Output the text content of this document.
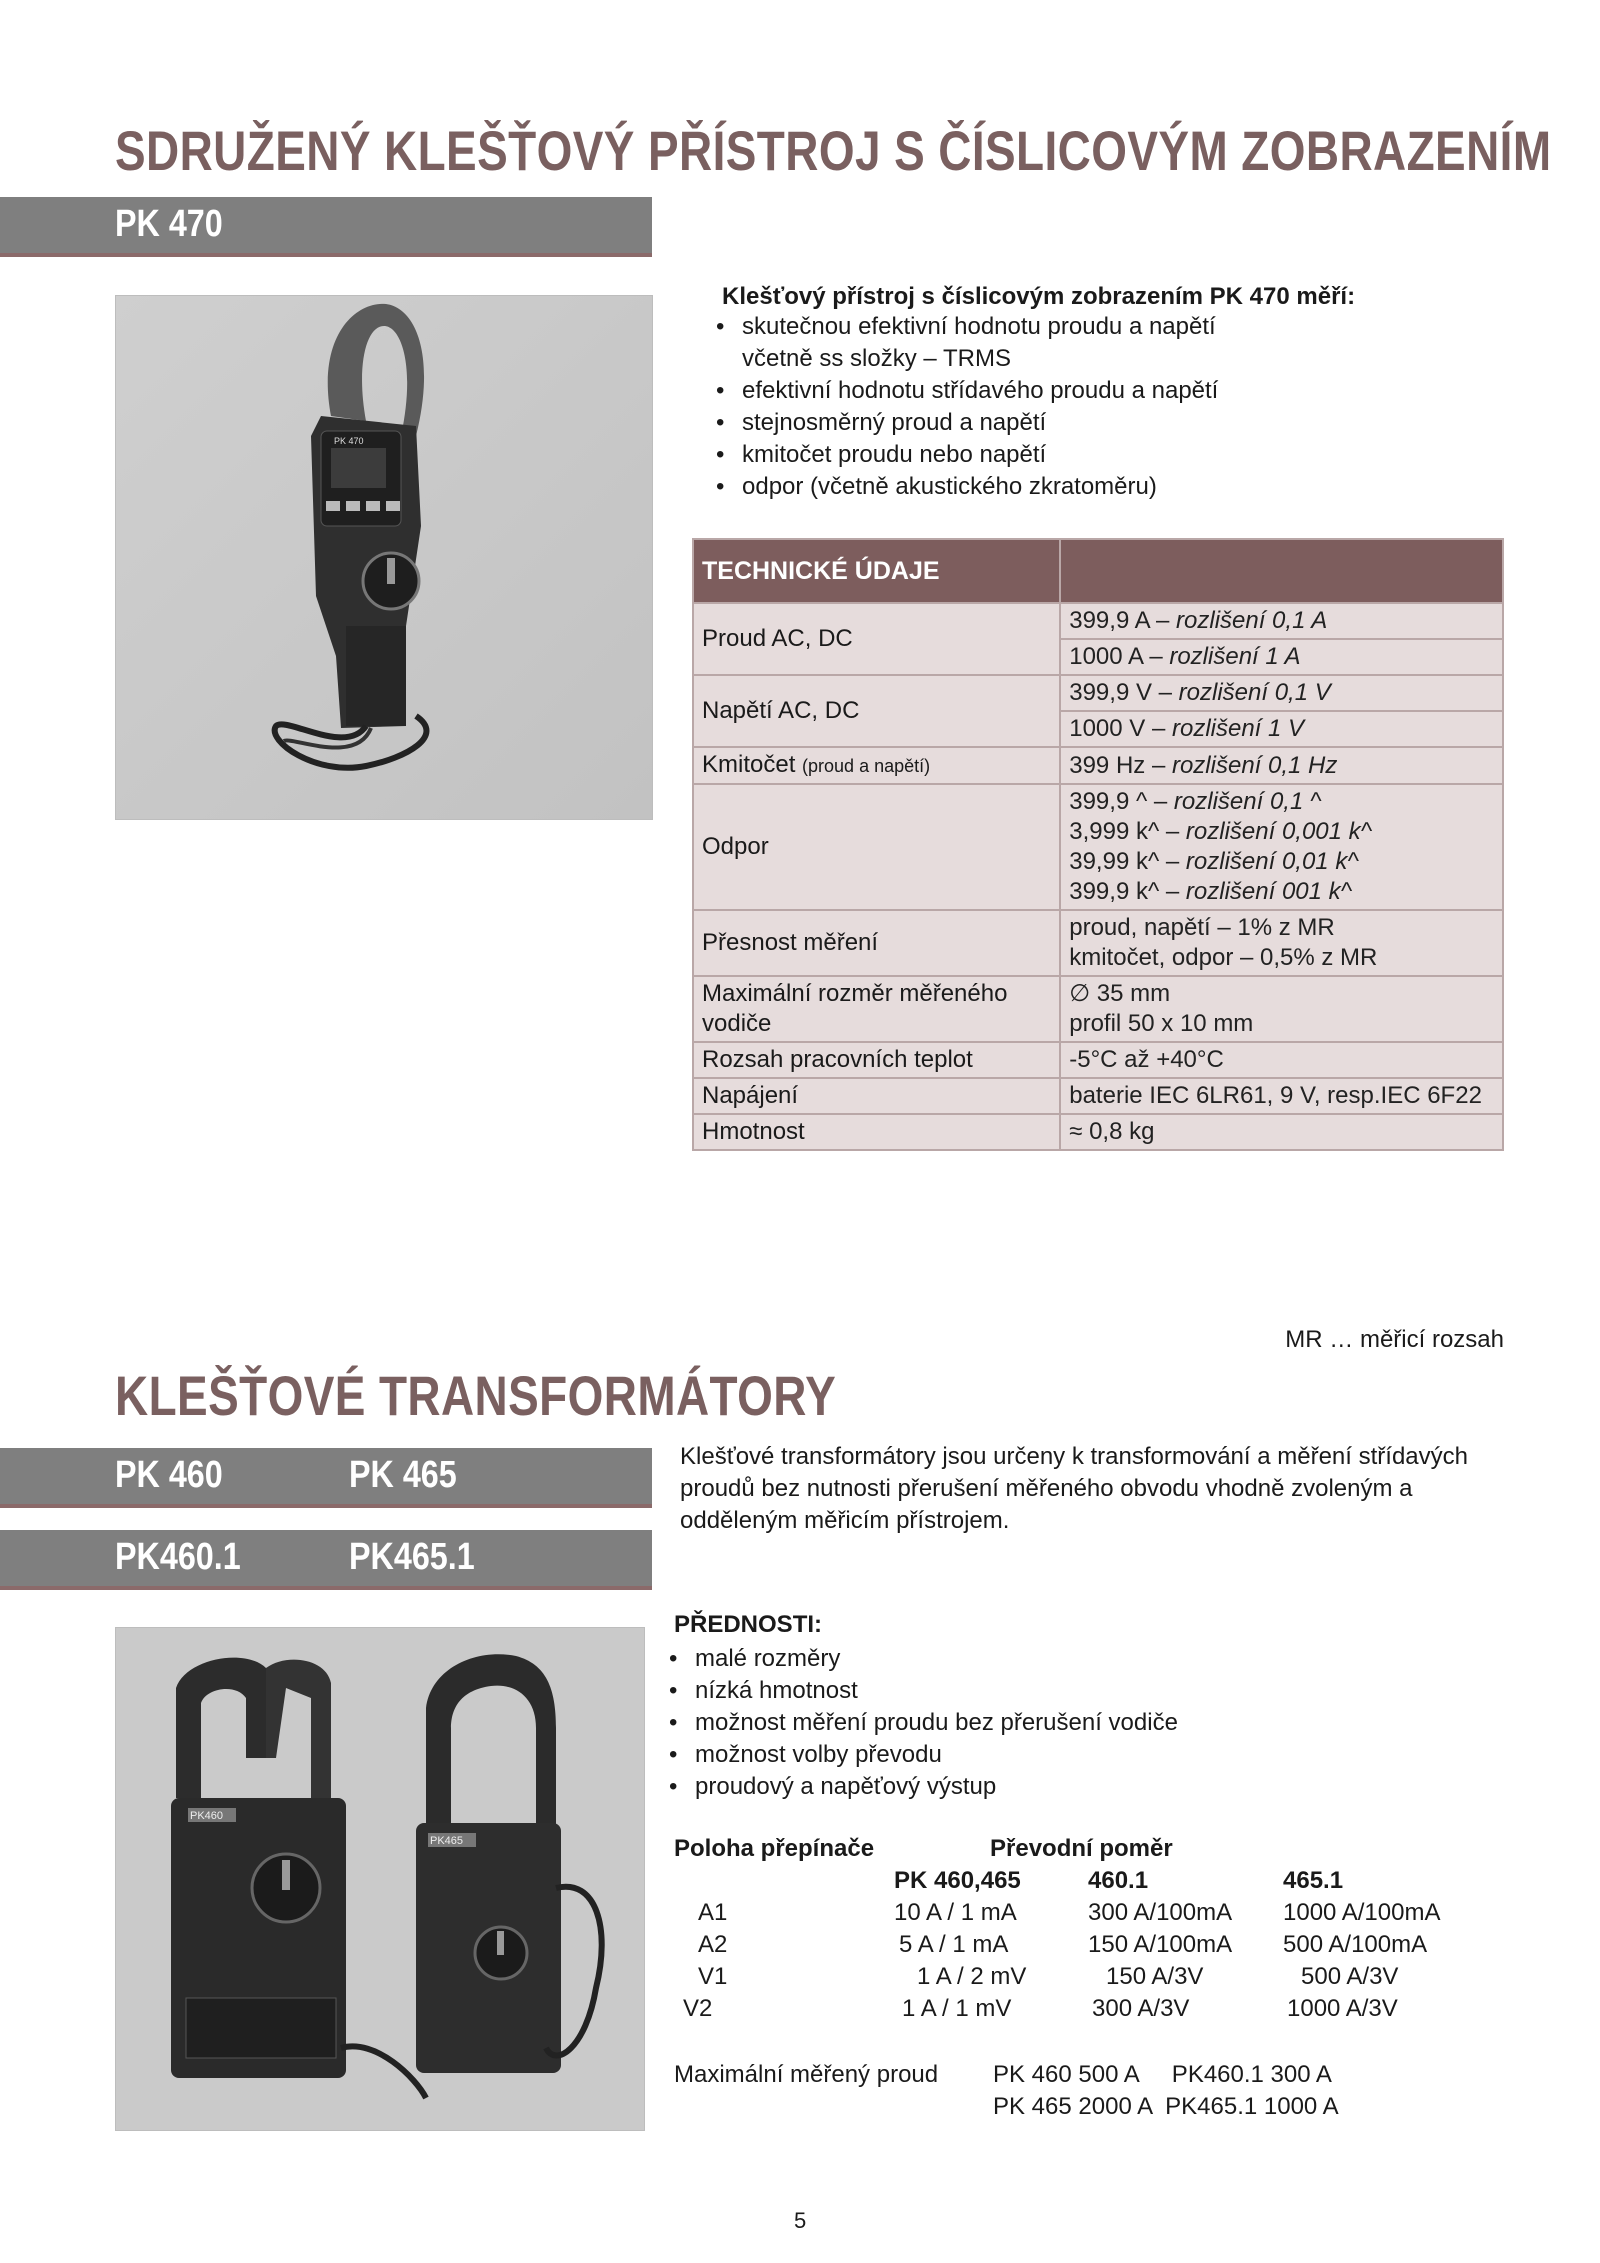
SDRUŽENÝ KLEŠŤOVÝ PŘÍSTROJ S ČÍSLICOVÝM ZOBRAZENÍM
PK 470
PK 470
Klešťový přístroj s číslicovým zobrazením PK 470 měří:
• skutečnou efektivní hodnotu proudu a napětí
včetně ss složky – TRMS
• efektivní hodnotu střídavého proudu a napětí
• stejnosměrný proud a napětí
• kmitočet proudu nebo napětí
• odpor (včetně akustického zkratoměru)
TECHNICKÉ ÚDAJE	
Proud AC, DC	399,9 A – rozlišení 0,1 A
	1000 A – rozlišení 1 A
Napětí AC, DC	399,9 V – rozlišení 0,1 V
	1000 V – rozlišení 1 V
Kmitočet (proud a napětí)	399 Hz – rozlišení 0,1 Hz
Odpor	399,9 ^ – rozlišení 0,1 ^
3,999 k^ – rozlišení 0,001 k^
39,99 k^ – rozlišení 0,01 k^
399,9 k^ – rozlišení 001 k^

Přesnost měření	proud, napětí – 1% z MR
kmitočet, odpor – 0,5% z MR

Maximální rozměr měřeného vodiče	∅ 35 mm
profil 50 x 10 mm

Rozsah pracovních teplot	-5°C až +40°C
Napájení	baterie IEC 6LR61, 9 V, resp.IEC 6F22
Hmotnost	≈ 0,8 kg
MR … měřicí rozsah
KLEŠŤOVÉ TRANSFORMÁTORY
PK 460	PK 465
PK460.1	PK465.1
Klešťové transformátory jsou určeny k transformování a měření střídavých proudů bez nutnosti přerušení měřeného obvodu vhodně zvoleným a odděleným měřicím přístrojem.
PK460
PK465
PŘEDNOSTI:
• malé rozměry
• nízká hmotnost
• možnost měření proudu bez přerušení vodiče
• možnost volby převodu
• proudový a napěťový výstup
Poloha přepínače	Převodní poměr
PK 460,465	460.1	465.1
A1	10 A / 1 mA	300 A/100mA 1000 A/100mA
A2	5 A / 1 mA	150 A/100mA 500 A/100mA
V1	1 A / 2 mV	150 A/3V	500 A/3V
V2	1 A / 1 mV	300 A/3V	1000 A/3V
Maximální měřený proud PK 460 500 A     PK460.1 300 A
PK 465 2000 A  PK465.1 1000 A
5
